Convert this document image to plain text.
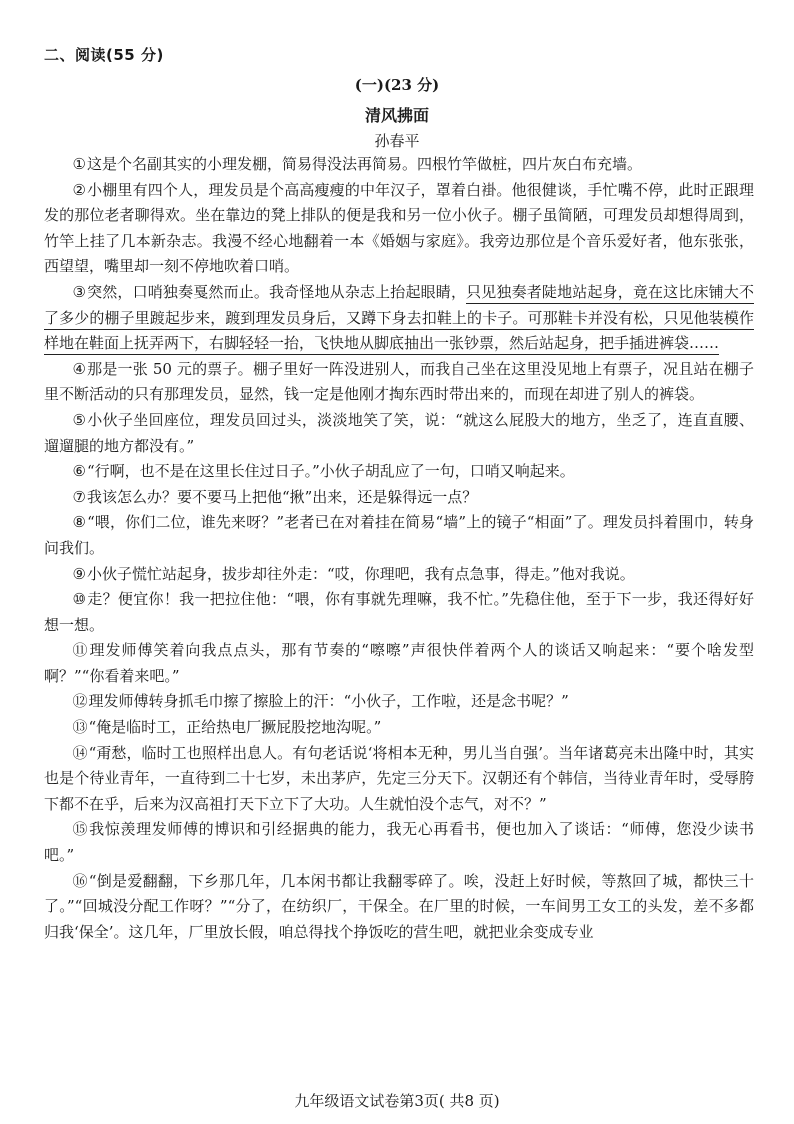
二、阅读(55 分)
(一)(23 分)
清风拂面
孙春平

①这是个名副其实的小理发棚，简易得没法再简易。四根竹竿做桩，四片灰白布充墙。

②小棚里有四个人，理发员是个高高瘦瘦的中年汉子，罩着白褂。他很健谈，手忙嘴不停，此时正跟理发的那位老者聊得欢。坐在靠边的凳上排队的便是我和另一位小伙子。棚子虽简陋，可理发员却想得周到，竹竿上挂了几本新杂志。我漫不经心地翻着一本《婚姻与家庭》。我旁边那位是个音乐爱好者，他东张张，西望望，嘴里却一刻不停地吹着口哨。

③突然，口哨独奏戛然而止。我奇怪地从杂志上抬起眼睛，只见独奏者陡地站起身，竟在这比床铺大不了多少的棚子里踱起步来，踱到理发员身后，又蹲下身去扣鞋上的卡子。可那鞋卡并没有松，只见他装模作样地在鞋面上抚弄两下，右脚轻轻一抬，飞快地从脚底抽出一张钞票，然后站起身，把手插进裤袋……

④那是一张 50 元的票子。棚子里好一阵没进别人，而我自己坐在这里没见地上有票子，况且站在棚子里不断活动的只有那理发员，显然，钱一定是他刚才掏东西时带出来的，而现在却进了别人的裤袋。

⑤小伙子坐回座位，理发员回过头，淡淡地笑了笑，说：“就这么屁股大的地方，坐乏了，连直直腰、遛遛腿的地方都没有。”

⑥“行啊，也不是在这里长住过日子。”小伙子胡乱应了一句，口哨又响起来。

⑦我该怎么办？要不要马上把他“揪”出来，还是躲得远一点？

⑧“喂，你们二位，谁先来呀？”老者已在对着挂在简易“墙”上的镜子“相面”了。理发员抖着围巾，转身问我们。

⑨小伙子慌忙站起身，拔步却往外走：“哎，你理吧，我有点急事，得走。”他对我说。

⑩走？便宜你！我一把拉住他：“喂，你有事就先理嘛，我不忙。”先稳住他，至于下一步，我还得好好想一想。

⑪理发师傅笑着向我点点头，那有节奏的“嚓嚓”声很快伴着两个人的谈话又响起来：“要个啥发型啊？”“你看着来吧。”

⑫理发师傅转身抓毛巾擦了擦脸上的汗：“小伙子，工作啦，还是念书呢？”

⑬“俺是临时工，正给热电厂撅屁股挖地沟呢。”

⑭“甭愁，临时工也照样出息人。有句老话说‘将相本无种，男儿当自强’。当年诸葛亮未出隆中时，其实也是个待业青年，一直待到二十七岁，未出茅庐，先定三分天下。汉朝还有个韩信，当待业青年时，受辱胯下都不在乎，后来为汉高祖打天下立下了大功。人生就怕没个志气，对不？”

⑮我惊羡理发师傅的博识和引经据典的能力，我无心再看书，便也加入了谈话：“师傅，您没少读书吧。”

⑯“倒是爱翻翻，下乡那几年，几本闲书都让我翻零碎了。唉，没赶上好时候，等熬回了城，都快三十了。”“回城没分配工作呀？”“分了，在纺织厂，干保全。在厂里的时候，一车间男工女工的头发，差不多都归我‘保全’。这几年，厂里放长假，咱总得找个挣饭吃的营生吧，就把业余变成专业

九年级语文试卷第3页( 共8 页)
